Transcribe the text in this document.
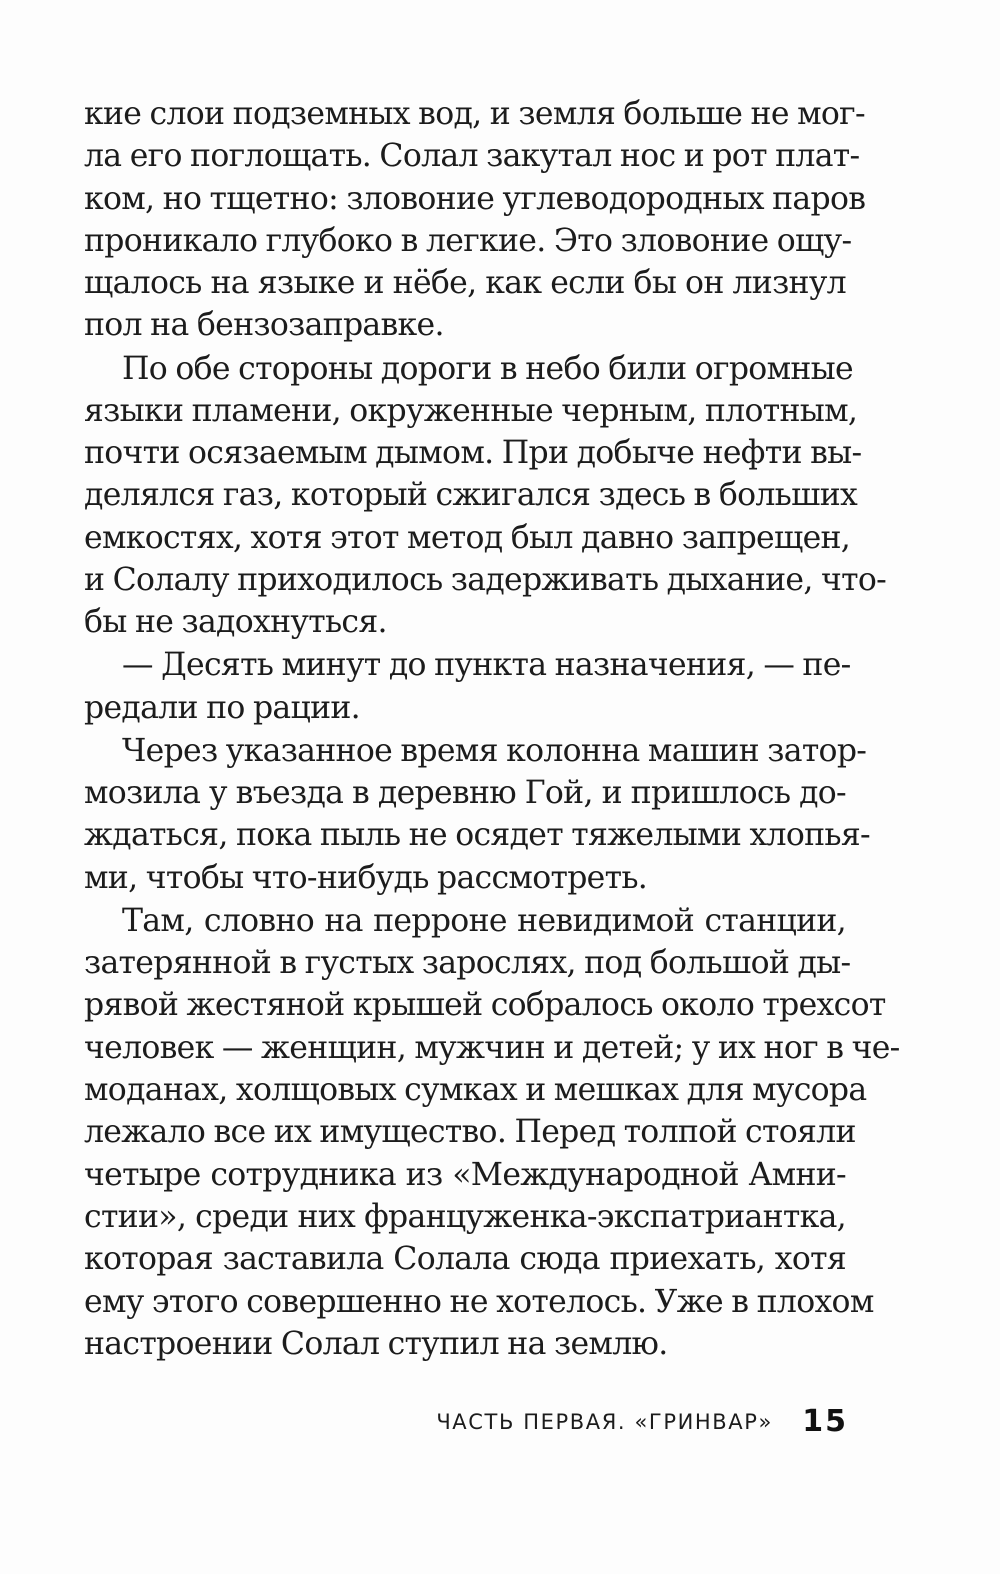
кие слои подземных вод, и земля больше не мог-
ла его поглощать. Солал закутал нос и рот плат-
ком, но тщетно: зловоние углеводородных паров
проникало глубоко в легкие. Это зловоние ощу-
щалось на языке и нёбе, как если бы он лизнул
пол на бензозаправке.

По обе стороны дороги в небо били огромные
языки пламени, окруженные черным, плотным,
почти осязаемым дымом. При добыче нефти вы-
делялся газ, который сжигался здесь в больших
емкостях, хотя этот метод был давно запрещен,
и Солалу приходилось задерживать дыхание, что-
бы не задохнуться.

— Десять минут до пункта назначения, — пе-
редали по рации.

Через указанное время колонна машин затор-
мозила у въезда в деревню Гой, и пришлось до-
ждаться, пока пыль не осядет тяжелыми хлопья-
ми, чтобы что-нибудь рассмотреть.

Там, словно на перроне невидимой станции,
затерянной в густых зарослях, под большой ды-
рявой жестяной крышей собралось около трехсот
человек — женщин, мужчин и детей; у их ног в че-
моданах, холщовых сумках и мешках для мусора
лежало все их имущество. Перед толпой стояли
четыре сотрудника из «Международной Амни-
стии», среди них француженка-экспатриантка,
которая заставила Солала сюда приехать, хотя
ему этого совершенно не хотелось. Уже в плохом
настроении Солал ступил на землю.

ЧАСТЬ ПЕРВАЯ. «ГРИНВАР» 15
